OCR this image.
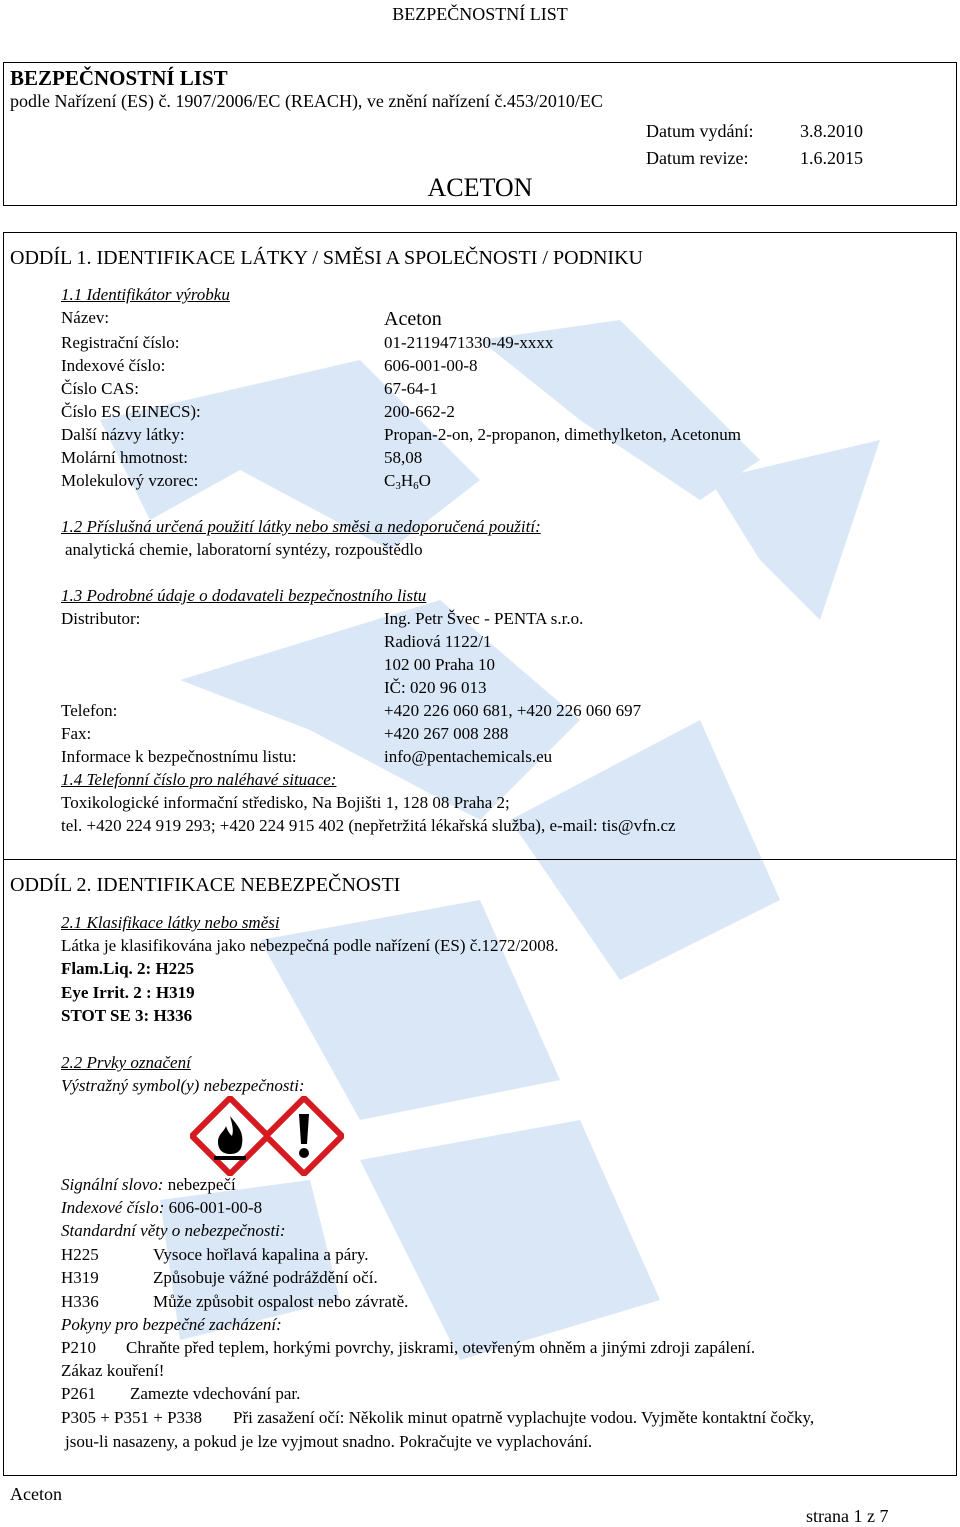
BEZPEČNOSTNÍ LIST
BEZPEČNOSTNÍ LIST
podle Nařízení (ES) č. 1907/2006/EC (REACH), ve znění nařízení č.453/2010/EC
Datum vydání:	3.8.2010
Datum revize:	1.6.2015
ACETON
ODDÍL 1. IDENTIFIKACE LÁTKY / SMĚSI A SPOLEČNOSTI / PODNIKU
1.1 Identifikátor výrobku
Název:	Aceton
Registrační číslo:	01-2119471330-49-xxxx
Indexové číslo:	606-001-00-8
Číslo CAS:	67-64-1
Číslo ES (EINECS):	200-662-2
Další názvy látky:	Propan-2-on, 2-propanon, dimethylketon, Acetonum
Molární hmotnost:	58,08
Molekulový vzorec:	$C_3H_6O$
1.2 Příslušná určená použití látky nebo směsi a nedoporučená použití:
analytická chemie, laboratorní syntézy, rozpouštědlo
1.3 Podrobné údaje o dodavateli bezpečnostního listu
Distributor:	Ing. Petr Švec - PENTA s.r.o.
Radiová 1122/1
102 00 Praha 10
IČ: 020 96 013
Telefon:	+420 226 060 681, +420 226 060 697
Fax:	+420 267 008 288
Informace k bezpečnostnímu listu:	info@pentachemicals.eu
1.4 Telefonní číslo pro naléhavé situace:
Toxikologické informační středisko, Na Bojišti 1, 128 08 Praha 2;
tel. +420 224 919 293; +420 224 915 402 (nepřetržitá lékařská služba), e-mail: tis@vfn.cz
ODDÍL 2. IDENTIFIKACE NEBEZPEČNOSTI
2.1 Klasifikace látky nebo směsi
Látka je klasifikována jako nebezpečná podle nařízení (ES) č.1272/2008.
Flam.Liq. 2: H225
Eye Irrit. 2 : H319
STOT SE 3: H336
2.2 Prvky označení
Výstražný symbol(y) nebezpečnosti:
Signální slovo: nebezpečí
Indexové číslo: 606-001-00-8
Standardní věty o nebezpečnosti:
H225	Vysoce hořlavá kapalina a páry.
H319	Způsobuje vážné podráždění očí.
H336	Může způsobit ospalost nebo závratě.
Pokyny pro bezpečné zacházení:
P210 Chraňte před teplem, horkými povrchy, jiskrami, otevřeným ohněm a jinými zdroji zapálení.
Zákaz kouření!
P261 Zamezte vdechování par.
P305 + P351 + P338 Při zasažení očí: Několik minut opatrně vyplachujte vodou. Vyjměte kontaktní čočky,
jsou-li nasazeny, a pokud je lze vyjmout snadno. Pokračujte ve vyplachování.
Aceton
strana 1 z 7
